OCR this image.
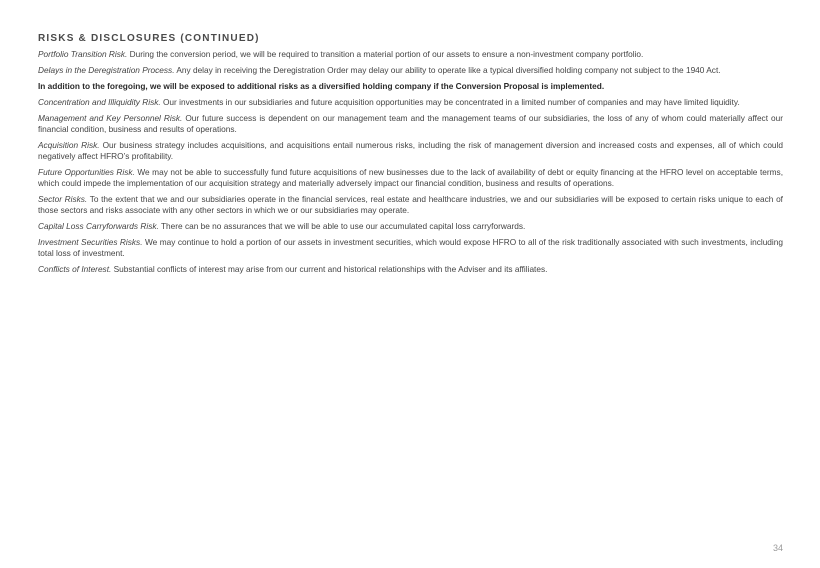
RISKS & DISCLOSURES (CONTINUED)

Portfolio Transition Risk. During the conversion period, we will be required to transition a material portion of our assets to ensure a non-investment company portfolio.

Delays in the Deregistration Process. Any delay in receiving the Deregistration Order may delay our ability to operate like a typical diversified holding company not subject to the 1940 Act.

In addition to the foregoing, we will be exposed to additional risks as a diversified holding company if the Conversion Proposal is implemented.

Concentration and Illiquidity Risk. Our investments in our subsidiaries and future acquisition opportunities may be concentrated in a limited number of companies and may have limited liquidity.

Management and Key Personnel Risk. Our future success is dependent on our management team and the management teams of our subsidiaries, the loss of any of whom could materially affect our financial condition, business and results of operations.

Acquisition Risk. Our business strategy includes acquisitions, and acquisitions entail numerous risks, including the risk of management diversion and increased costs and expenses, all of which could negatively affect HFRO’s profitability.

Future Opportunities Risk. We may not be able to successfully fund future acquisitions of new businesses due to the lack of availability of debt or equity financing at the HFRO level on acceptable terms, which could impede the implementation of our acquisition strategy and materially adversely impact our financial condition, business and results of operations.

Sector Risks. To the extent that we and our subsidiaries operate in the financial services, real estate and healthcare industries, we and our subsidiaries will be exposed to certain risks unique to each of those sectors and risks associate with any other sectors in which we or our subsidiaries may operate.

Capital Loss Carryforwards Risk. There can be no assurances that we will be able to use our accumulated capital loss carryforwards.

Investment Securities Risks. We may continue to hold a portion of our assets in investment securities, which would expose HFRO to all of the risk traditionally associated with such investments, including total loss of investment.

Conflicts of Interest. Substantial conflicts of interest may arise from our current and historical relationships with the Adviser and its affiliates.

34
